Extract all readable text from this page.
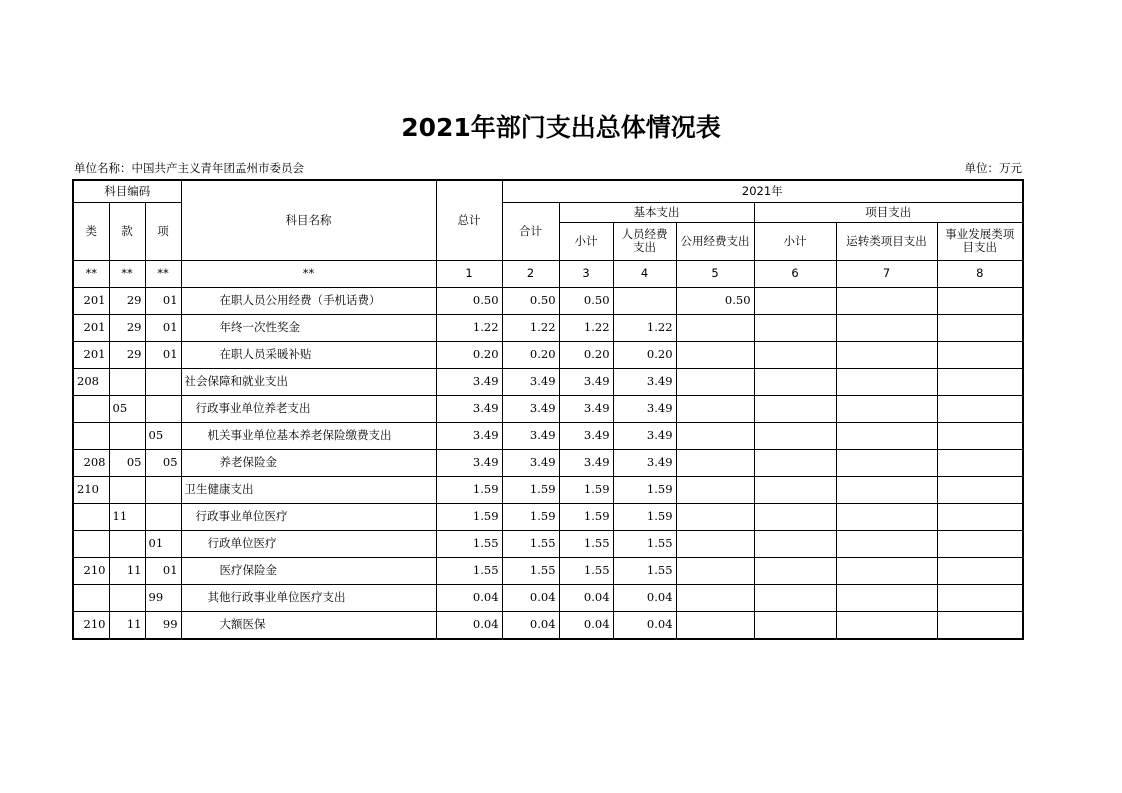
2021年部门支出总体情况表
单位名称：中国共产主义青年团孟州市委员会	单位：万元
科目编码			科目名称	总计	2021年						
类	款	项			合计	基本支出			项目支出		
						小计	人员经费支出	公用经费支出	小计	运转类项目支出	事业发展类项目支出
**	**	**	**	1	2	3	4	5	6	7	8
201	29	01	在职人员公用经费（手机话费）	0.50	0.50	0.50		0.50			
201	29	01	年终一次性奖金	1.22	1.22	1.22	1.22				
201	29	01	在职人员采暖补贴	0.20	0.20	0.20	0.20				
208			社会保障和就业支出	3.49	3.49	3.49	3.49				
	05		行政事业单位养老支出	3.49	3.49	3.49	3.49				
		05	机关事业单位基本养老保险缴费支出	3.49	3.49	3.49	3.49				
208	05	05	养老保险金	3.49	3.49	3.49	3.49				
210			卫生健康支出	1.59	1.59	1.59	1.59				
	11		行政事业单位医疗	1.59	1.59	1.59	1.59				
		01	行政单位医疗	1.55	1.55	1.55	1.55				
210	11	01	医疗保险金	1.55	1.55	1.55	1.55				
		99	其他行政事业单位医疗支出	0.04	0.04	0.04	0.04				
210	11	99	大额医保	0.04	0.04	0.04	0.04				
